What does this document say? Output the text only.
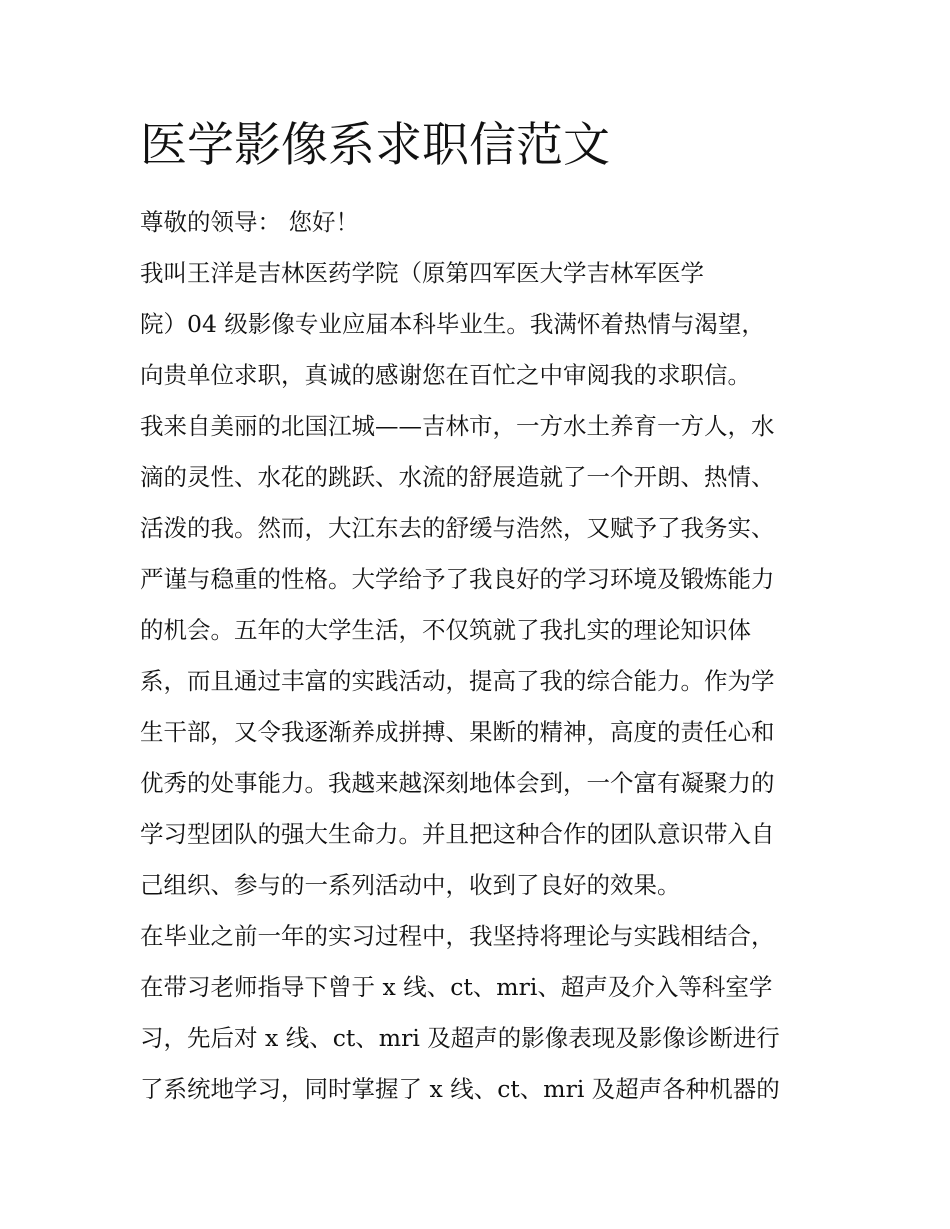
医学影像系求职信范文

尊敬的领导： 您好！

我叫王洋是吉林医药学院（原第四军医大学吉林军医学

院）04 级影像专业应届本科毕业生。我满怀着热情与渴望，

向贵单位求职，真诚的感谢您在百忙之中审阅我的求职信。

我来自美丽的北国江城——吉林市，一方水土养育一方人，水

滴的灵性、水花的跳跃、水流的舒展造就了一个开朗、热情、

活泼的我。然而，大江东去的舒缓与浩然，又赋予了我务实、

严谨与稳重的性格。大学给予了我良好的学习环境及锻炼能力

的机会。五年的大学生活，不仅筑就了我扎实的理论知识体

系，而且通过丰富的实践活动，提高了我的综合能力。作为学

生干部，又令我逐渐养成拼搏、果断的精神，高度的责任心和

优秀的处事能力。我越来越深刻地体会到，一个富有凝聚力的

学习型团队的强大生命力。并且把这种合作的团队意识带入自

己组织、参与的一系列活动中，收到了良好的效果。

在毕业之前一年的实习过程中，我坚持将理论与实践相结合，

在带习老师指导下曾于 x 线、ct、mri、超声及介入等科室学

习，先后对 x 线、ct、mri 及超声的影像表现及影像诊断进行

了系统地学习，同时掌握了 x 线、ct、mri 及超声各种机器的
